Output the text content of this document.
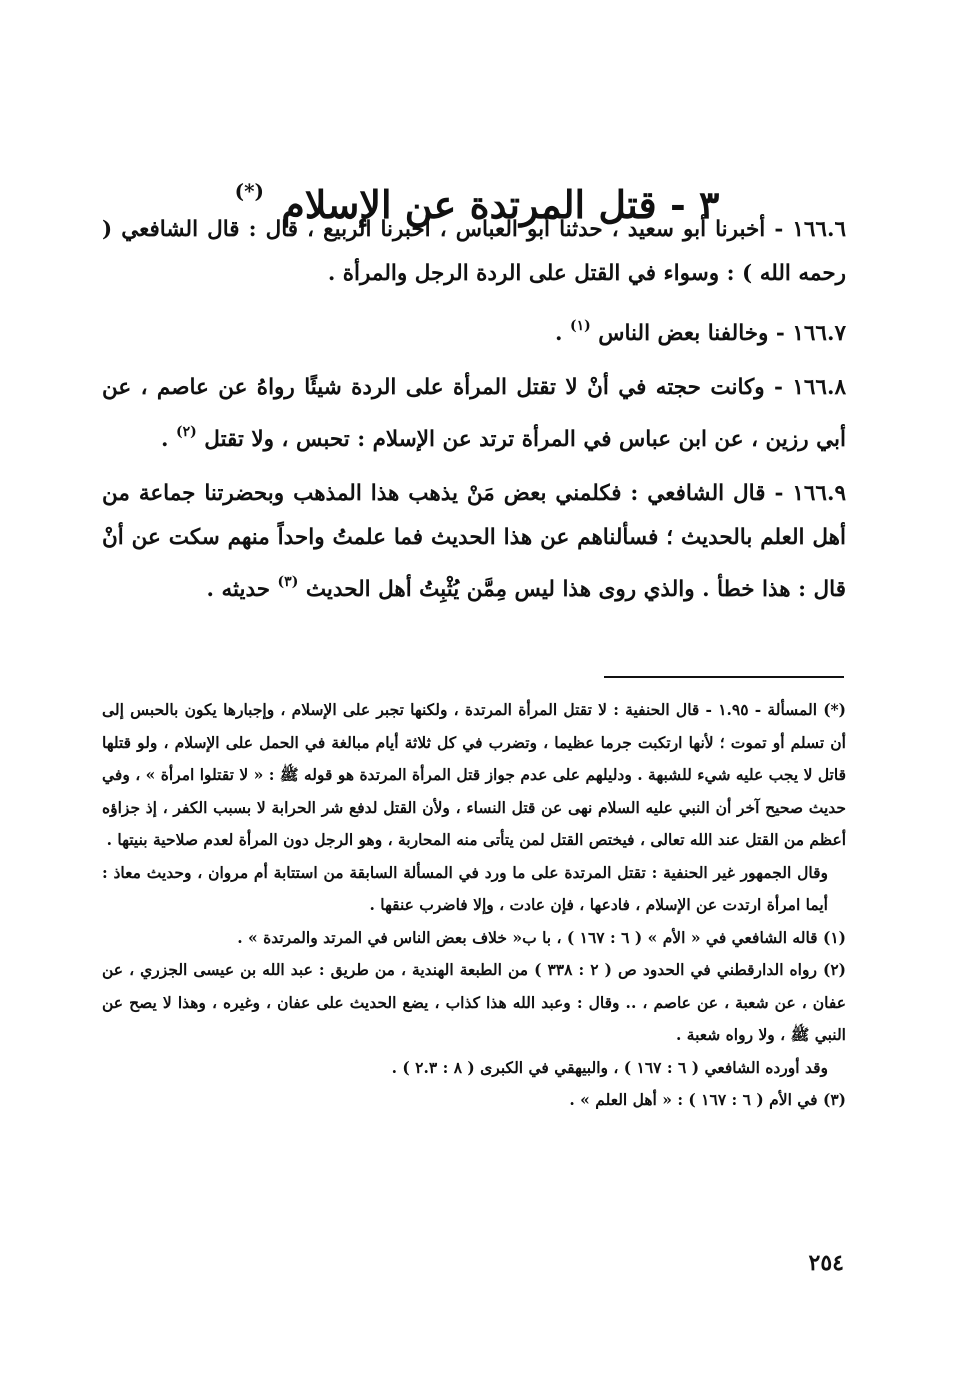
٣ - قتل المرتدة عن الإسلام (*)

١٦٦.٦ - أخبرنا أبو سعيد ، حدثنا أبو العباس ، أخبرنا الربيع ، قال : قال الشافعي ( رحمه الله ) : وسواء في القتل على الردة الرجل والمرأة .

١٦٦.٧ - وخالفنا بعض الناس $^{(١)}$ .

١٦٦.٨ - وكانت حجته في أنْ لا تقتل المرأة على الردة شيئًا رواهُ عن عاصم ، عن أبي رزين ، عن ابن عباس في المرأة ترتد عن الإسلام : تحبس ، ولا تقتل $^{(٢)}$ .

١٦٦.٩ - قال الشافعي : فكلمني بعض مَنْ يذهب هذا المذهب وبحضرتنا جماعة من أهل العلم بالحديث ؛ فسألناهم عن هذا الحديث فما علمتُ واحداً منهم سكت عن أنْ قال : هذا خطأ . والذي روى هذا ليس مِمَّن يُثْبِتُ أهل الحديث $^{(٣)}$ حديثه .

(*) المسألة - ١.٩٥ - قال الحنفية : لا تقتل المرأة المرتدة ، ولكنها تجبر على الإسلام ، وإجبارها يكون بالحبس إلى أن تسلم أو تموت ؛ لأنها ارتكبت جرما عظيما ، وتضرب في كل ثلاثة أيام مبالغة في الحمل على الإسلام ، ولو قتلها قاتل لا يجب عليه شيء للشبهة . ودليلهم على عدم جواز قتل المرأة المرتدة هو قوله ﷺ : « لا تقتلوا امرأة » ، وفي حديث صحيح آخر أن النبي عليه السلام نهى عن قتل النساء ، ولأن القتل لدفع شر الحرابة لا بسبب الكفر ، إذ جزاؤه أعظم من القتل عند الله تعالى ، فيختص القتل لمن يتأتى منه المحاربة ، وهو الرجل دون المرأة لعدم صلاحية بنيتها .

وقال الجمهور غير الحنفية : تقتل المرتدة على ما ورد في المسألة السابقة من استتابة أم مروان ، وحديث معاذ : أيما امرأة ارتدت عن الإسلام ، فادعها ، فإن عادت ، وإلا فاضرب عنقها .

(١) قاله الشافعي في « الأم » ( ٦ : ١٦٧ ) ، با ب« خلاف بعض الناس في المرتد والمرتدة » .

(٢) رواه الدارقطني في الحدود ص ( ٢ : ٣٣٨ ) من الطبعة الهندية ، من طريق : عبد الله بن عيسى الجزري ، عن عفان ، عن شعبة ، عن عاصم ، .. وقال : وعبد الله هذا كذاب ، يضع الحديث على عفان ، وغيره ، وهذا لا يصح عن النبي ﷺ ، ولا رواه شعبة .

وقد أورده الشافعي ( ٦ : ١٦٧ ) ، والبيهقي في الكبرى ( ٨ : ٢.٣ ) .

(٣) في الأم ( ٦ : ١٦٧ ) : « أهل العلم » .

٢٥٤
